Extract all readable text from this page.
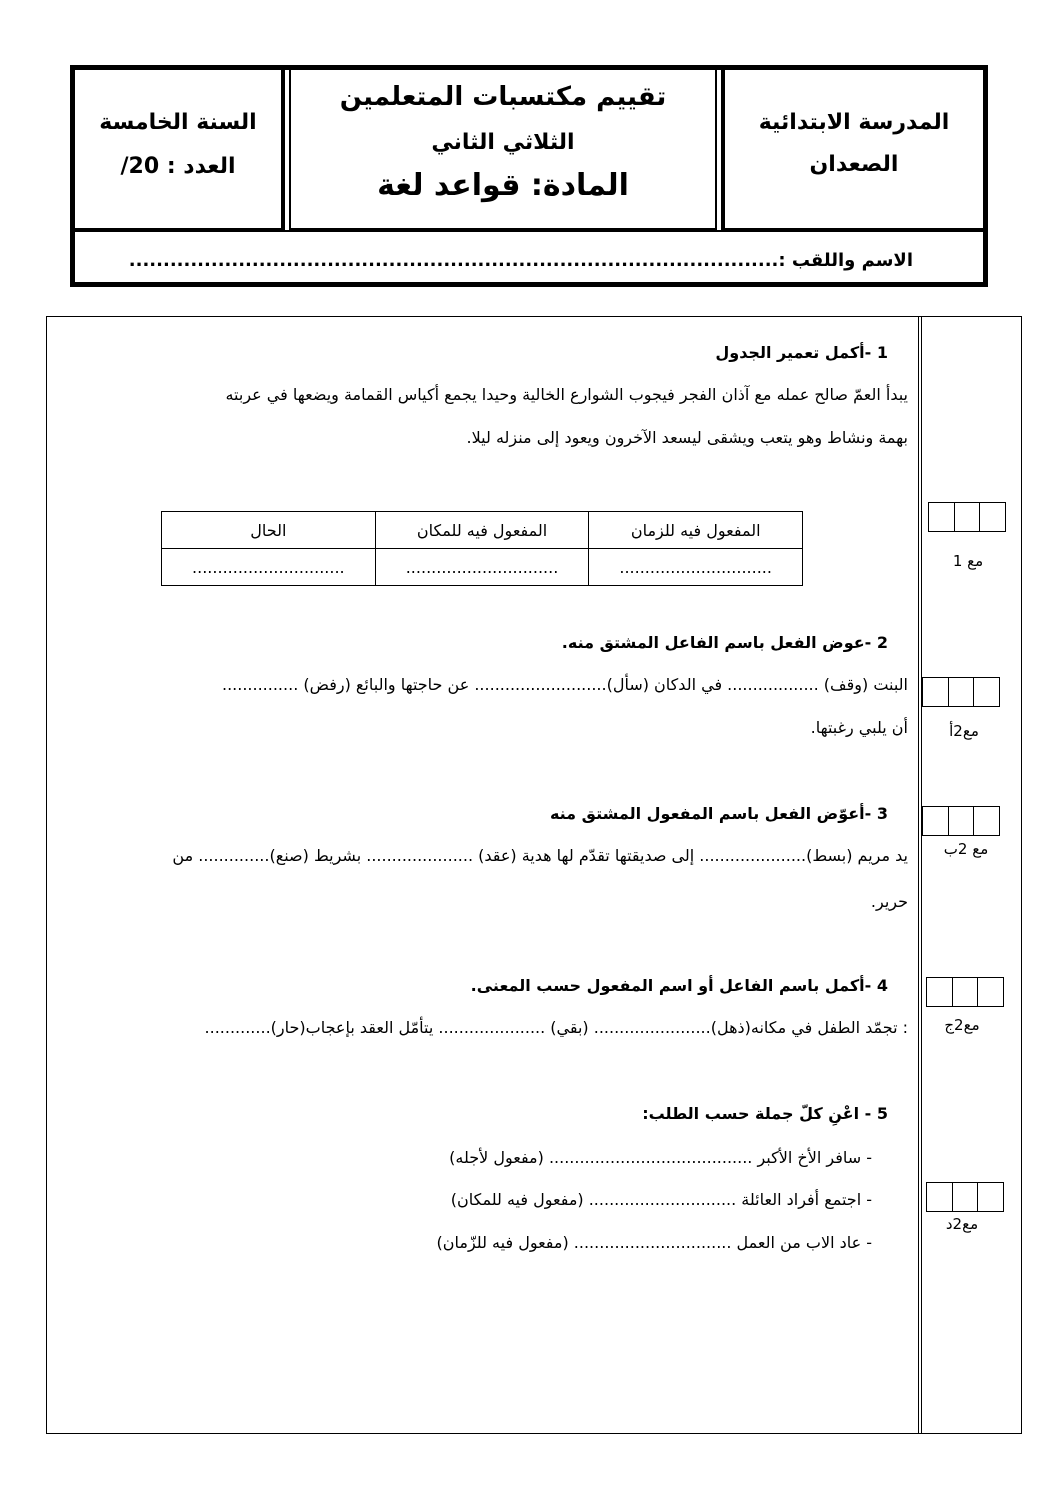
السنة الخامسة
العدد : 20/
تقييم مكتسبات المتعلمين
الثلاثي الثاني
المادة: قواعد لغة
المدرسة الابتدائية
الصعدان
الاسم واللقب :...............................................................................................
1 -أكمل تعمير الجدول
يبدأ العمّ صالح عمله مع آذان الفجر فيجوب الشوارع الخالية وحيدا يجمع أكياس القمامة ويضعها في عربته
بهمة ونشاط وهو يتعب ويشقى ليسعد الآخرون ويعود إلى منزله ليلا.
المفعول فيه للزمان	المفعول فيه للمكان	الحال
..............................	..............................	..............................	مع 1
2 -عوض الفعل باسم الفاعل المشتق منه.
البنت (وقف) .................. في الدكان (سأل).......................... عن حاجتها والبائع (رفض) ...............
أن يلبي رغبتها.	مع2أ
3 -أعوّض الفعل باسم المفعول المشتق منه
يد مريم (بسط)..................... إلى صديقتها تقدّم لها هدية (عقد) ..................... بشريط (صنع).............. من
حرير.
مع 2ب
4 -أكمل باسم الفاعل أو اسم المفعول حسب المعنى.
: تجمّد الطفل في مكانه(ذهل)....................... (بقي) ..................... يتأمّل العقد بإعجاب(حار).............	مع2ج
5 - اعْنِ كلّ جملة حسب الطلب:
- سافر الأخ الأكبر ........................................ (مفعول لأجله)
- اجتمع أفراد العائلة ............................. (مفعول فيه للمكان)
- عاد الاب من العمل ............................... (مفعول فيه للزّمان)
مع2د
